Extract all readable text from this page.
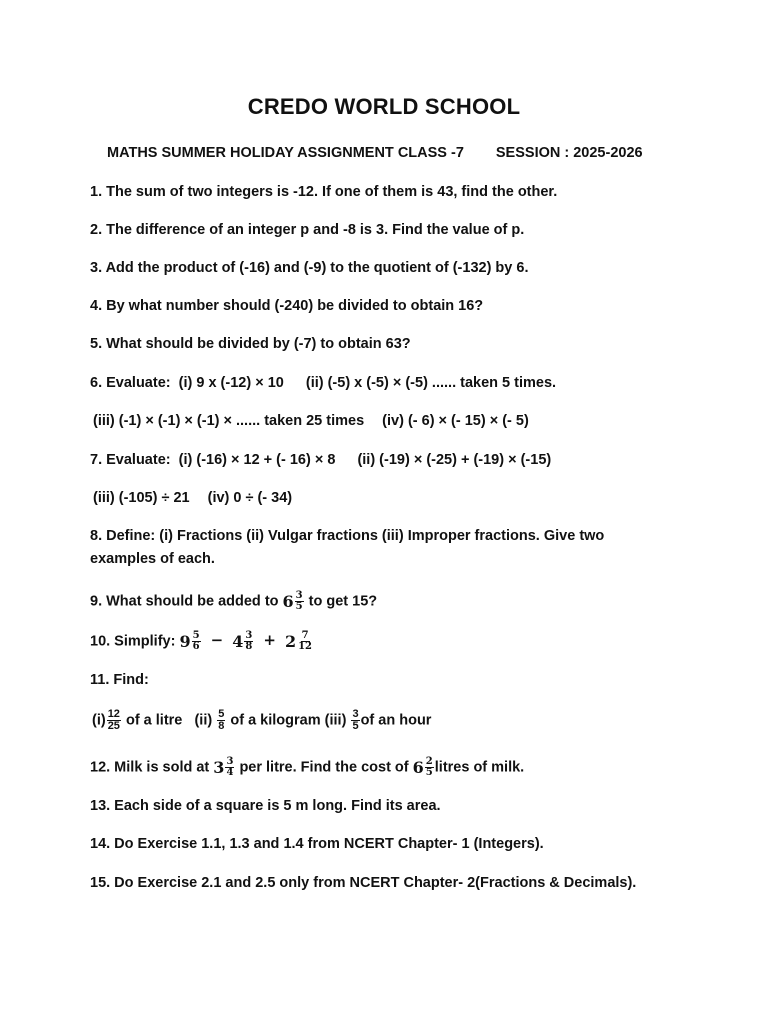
CREDO WORLD SCHOOL
MATHS SUMMER HOLIDAY ASSIGNMENT CLASS -7 SESSION : 2025-2026
1. The sum of two integers is -12. If one of them is 43, find the other.
2. The difference of an integer p and -8 is 3. Find the value of p.
3. Add the product of (-16) and (-9) to the quotient of (-132) by 6.
4. By what number should (-240) be divided to obtain 16?
5. What should be divided by (-7) to obtain 63?
6. Evaluate: (i) 9 x (-12) × 10 (ii) (-5) x (-5) × (-5) ...... taken 5 times.
(iii) (-1) × (-1) × (-1) × ...... taken 25 times (iv) (- 6) × (- 15) × (- 5)
7. Evaluate: (i) (-16) × 12 + (- 16) × 8 (ii) (-19) × (-25) + (-19) × (-15)
(iii) (-105) ÷ 21 (iv) 0 ÷ (- 34)
8. Define: (i) Fractions (ii) Vulgar fractions (iii) Improper fractions. Give two
examples of each.
9. What should be added to $6 \frac{3}{5}$ to get 15?
10. Simplify: $9 \frac{5}{6} - 4 \frac{3}{8} + 2 \frac{7}{12}$
11. Find:
$(i) \frac{12}{25}$ of a litre $(ii) \frac{5}{8}$ of a kilogram $(iii) \frac{3}{5}$ of an hour
12. Milk is sold at $3 \frac{3}{4}$ per litre. Find the cost of $6 \frac{2}{5}$ litres of milk.
13. Each side of a square is 5 m long. Find its area.
14. Do Exercise 1.1, 1.3 and 1.4 from NCERT Chapter- 1 (Integers).
15. Do Exercise 2.1 and 2.5 only from NCERT Chapter- 2(Fractions & Decimals).
